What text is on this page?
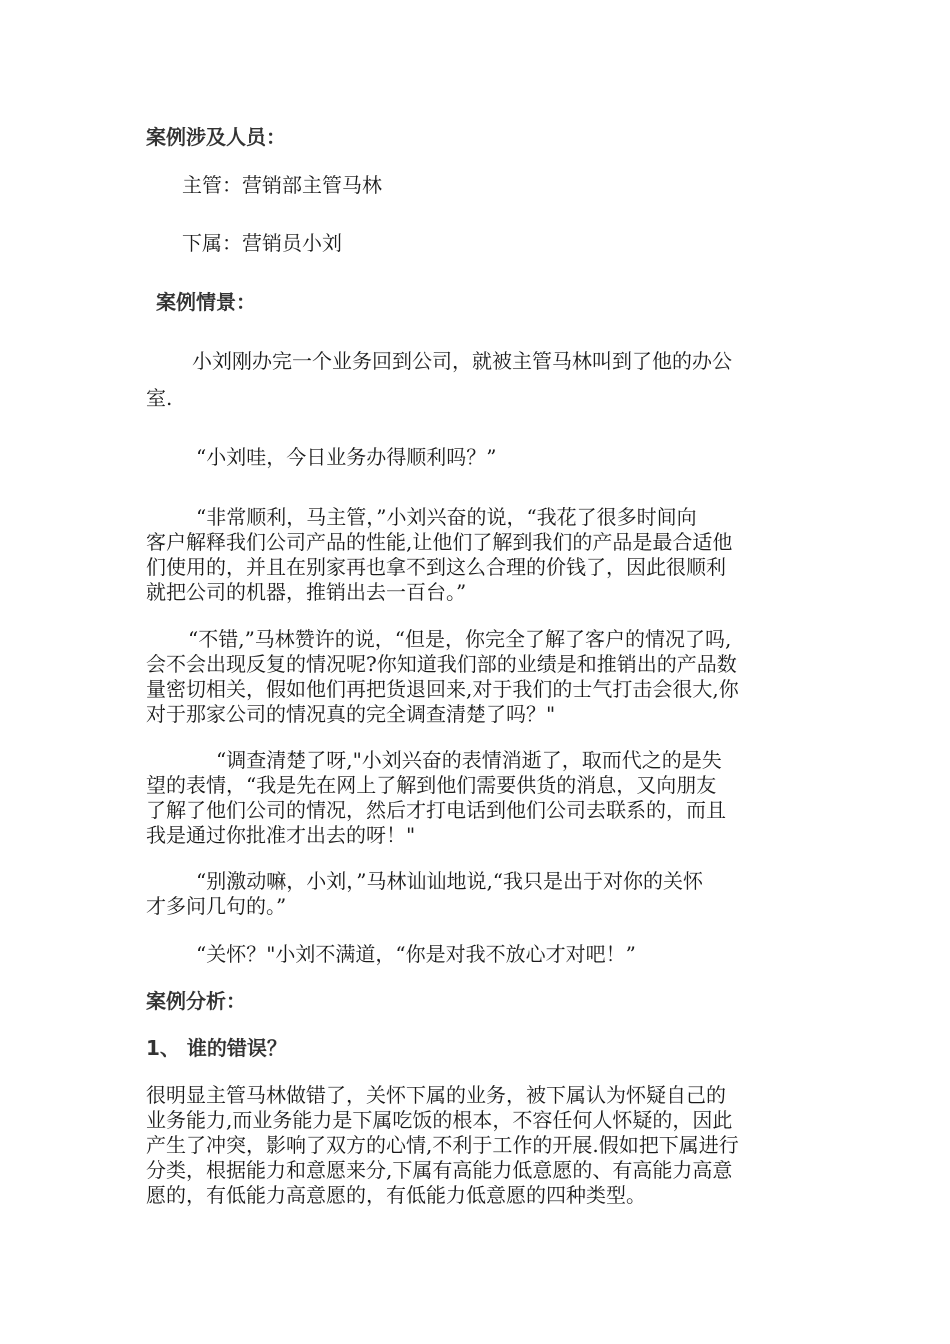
案例涉及人员：
主管：营销部主管马林
下属：营销员小刘
案例情景：
小刘刚办完一个业务回到公司，就被主管马林叫到了他的办公
室.
“小刘哇，今日业务办得顺利吗？”
“非常顺利，马主管，”小刘兴奋的说，“我花了很多时间向
客户解释我们公司产品的性能,让他们了解到我们的产品是最合适他
们使用的，并且在别家再也拿不到这么合理的价钱了，因此很顺利
就把公司的机器，推销出去一百台。”
“不错,”马林赞许的说，“但是，你完全了解了客户的情况了吗,
会不会出现反复的情况呢?你知道我们部的业绩是和推销出的产品数
量密切相关，假如他们再把货退回来,对于我们的士气打击会很大,你
对于那家公司的情况真的完全调查清楚了吗？"
“调查清楚了呀,"小刘兴奋的表情消逝了，取而代之的是失
望的表情，“我是先在网上了解到他们需要供货的消息，又向朋友
了解了他们公司的情况，然后才打电话到他们公司去联系的，而且
我是通过你批准才出去的呀！"
“别激动嘛，小刘，”马林讪讪地说,“我只是出于对你的关怀
才多问几句的。”
“关怀？"小刘不满道，“你是对我不放心才对吧！”
案例分析：
1、 谁的错误？
很明显主管马林做错了，关怀下属的业务，被下属认为怀疑自己的
业务能力,而业务能力是下属吃饭的根本，不容任何人怀疑的，因此
产生了冲突，影响了双方的心情,不利于工作的开展.假如把下属进行
分类，根据能力和意愿来分,下属有高能力低意愿的、有高能力高意
愿的，有低能力高意愿的，有低能力低意愿的四种类型。
